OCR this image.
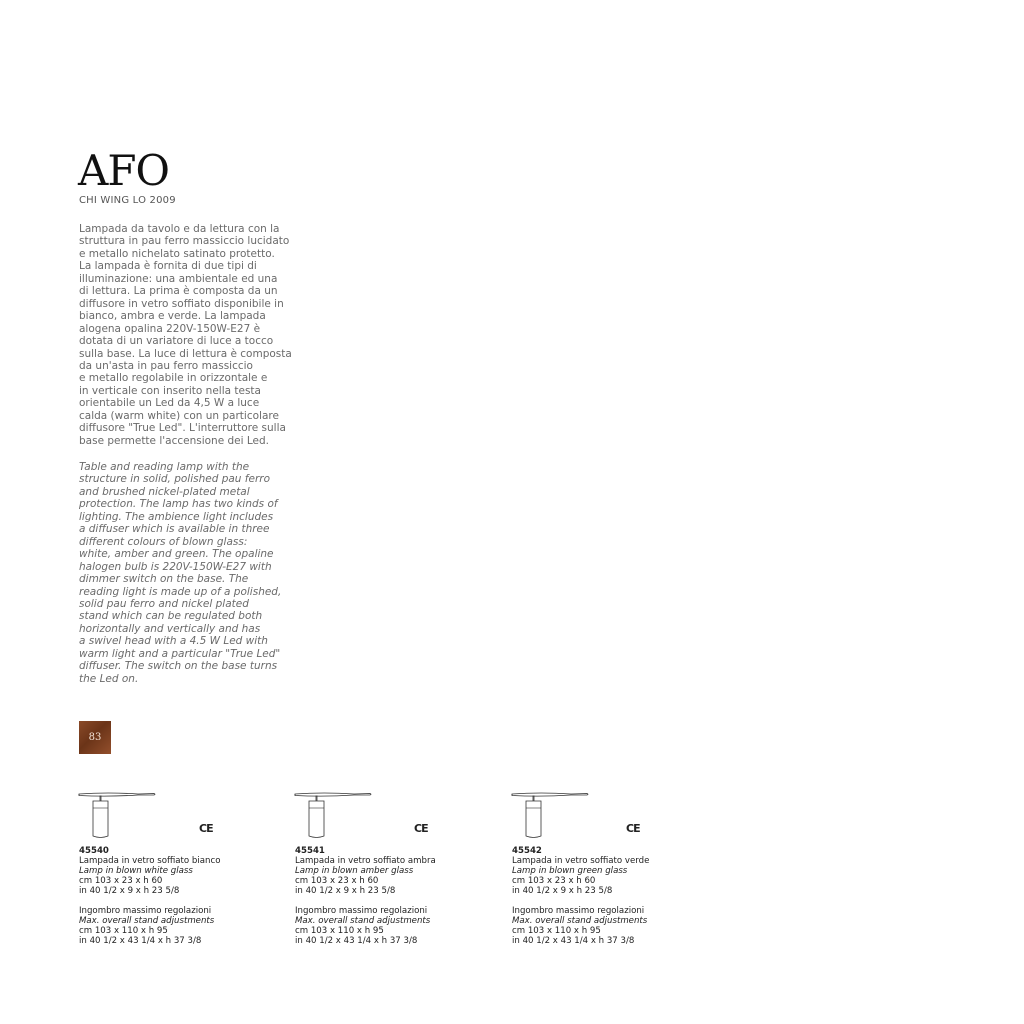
AFO
CHI WING LO 2009
Lampada da tavolo e da lettura con la
struttura in pau ferro massiccio lucidato
e metallo nichelato satinato protetto.
La lampada è fornita di due tipi di
illuminazione: una ambientale ed una
di lettura. La prima è composta da un
diffusore in vetro soffiato disponibile in
bianco, ambra e verde. La lampada
alogena opalina 220V-150W-E27 è
dotata di un variatore di luce a tocco
sulla base. La luce di lettura è composta
da un'asta in pau ferro massiccio
e metallo regolabile in orizzontale e
in verticale con inserito nella testa
orientabile un Led da 4,5 W a luce
calda (warm white) con un particolare
diffusore "True Led". L'interruttore sulla
base permette l'accensione dei Led.
Table and reading lamp with the
structure in solid, polished pau ferro
and brushed nickel-plated metal
protection. The lamp has two kinds of
lighting. The ambience light includes
a diffuser which is available in three
different colours of blown glass:
white, amber and green. The opaline
halogen bulb is 220V-150W-E27 with
dimmer switch on the base. The
reading light is made up of a polished,
solid pau ferro and nickel plated
stand which can be regulated both
horizontally and vertically and has
a swivel head with a 4.5 W Led with
warm light and a particular "True Led"
diffuser. The switch on the base turns
the Led on.
83
CE
45540
Lampada in vetro soffiato bianco
Lamp in blown white glass
cm 103 x 23 x h 60
in 40 1/2 x 9 x h 23 5/8
Ingombro massimo regolazioni
Max. overall stand adjustments
cm 103 x 110 x h 95
in 40 1/2 x 43 1/4 x h 37 3/8
CE
45541
Lampada in vetro soffiato ambra
Lamp in blown amber glass
cm 103 x 23 x h 60
in 40 1/2 x 9 x h 23 5/8
Ingombro massimo regolazioni
Max. overall stand adjustments
cm 103 x 110 x h 95
in 40 1/2 x 43 1/4 x h 37 3/8
CE
45542
Lampada in vetro soffiato verde
Lamp in blown green glass
cm 103 x 23 x h 60
in 40 1/2 x 9 x h 23 5/8
Ingombro massimo regolazioni
Max. overall stand adjustments
cm 103 x 110 x h 95
in 40 1/2 x 43 1/4 x h 37 3/8
